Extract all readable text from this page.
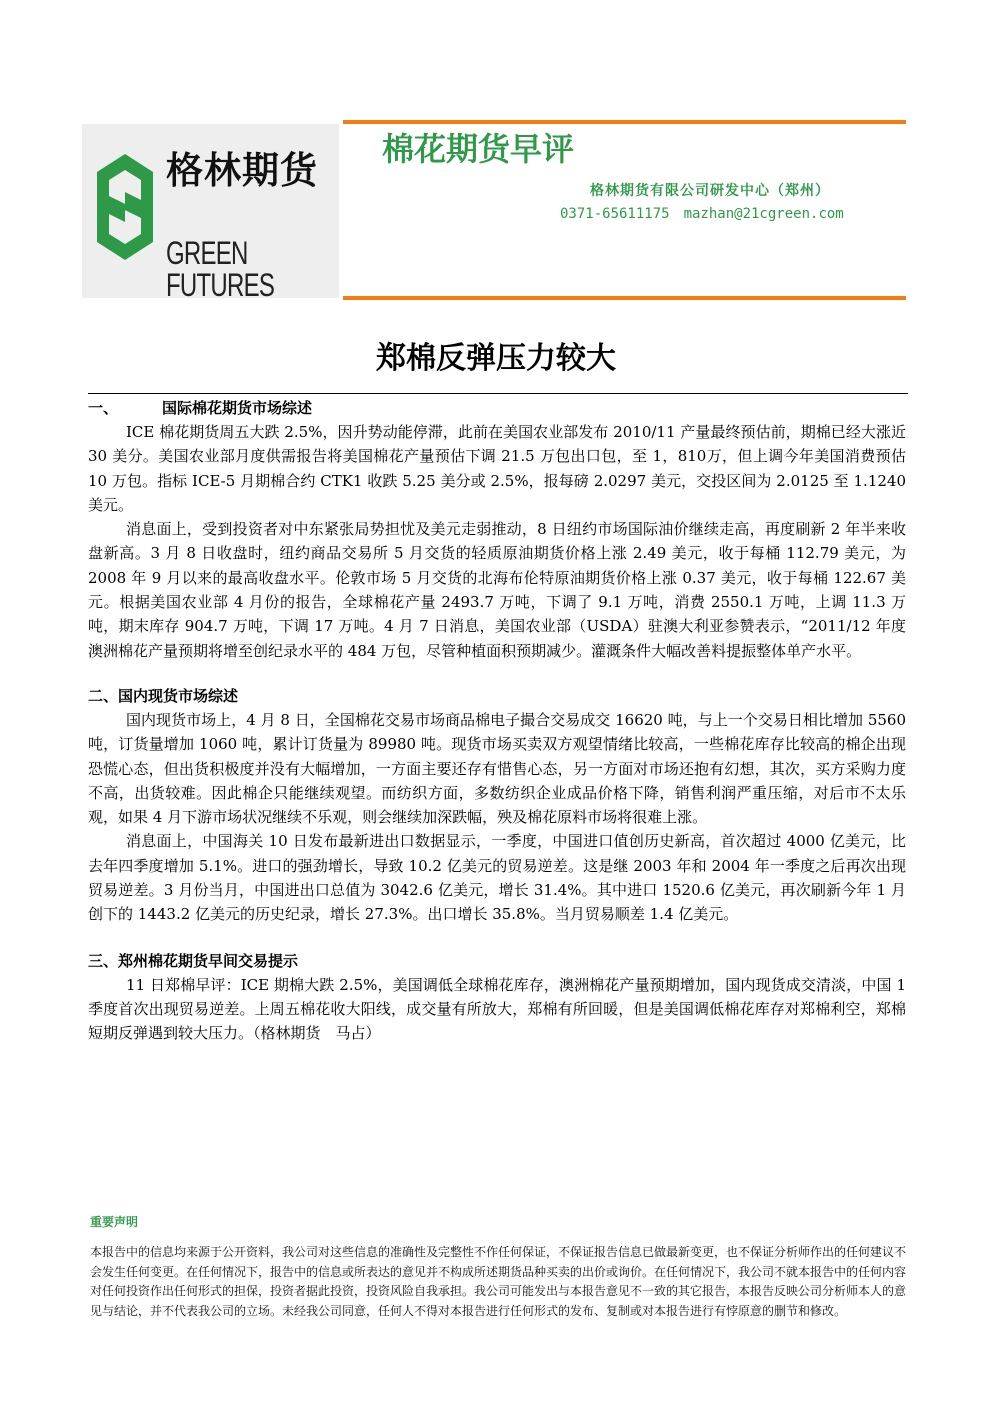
格林期货
GREEN FUTURES
棉花期货早评
格林期货有限公司研发中心（郑州）
0371-65611175 mazhan@21cgreen.com
郑棉反弹压力较大

一、	国际棉花期货市场综述

ICE 棉花期货周五大跌 2.5%，因升势动能停滞，此前在美国农业部发布 2010/11 产量最终预估前，期棉已经大涨近 30 美分。美国农业部月度供需报告将美国棉花产量预估下调 21.5 万包出口包，至 1，810万，但上调今年美国消费预估 10 万包。指标 ICE-5 月期棉合约 CTK1 收跌 5.25 美分或 2.5%，报每磅 2.0297 美元，交投区间为 2.0125 至 1.1240 美元。

消息面上，受到投资者对中东紧张局势担忧及美元走弱推动，8 日纽约市场国际油价继续走高，再度刷新 2 年半来收盘新高。3 月 8 日收盘时，纽约商品交易所 5 月交货的轻质原油期货价格上涨 2.49 美元，收于每桶 112.79 美元，为 2008 年 9 月以来的最高收盘水平。伦敦市场 5 月交货的北海布伦特原油期货价格上涨 0.37 美元，收于每桶 122.67 美元。根据美国农业部 4 月份的报告，全球棉花产量 2493.7 万吨，下调了 9.1 万吨，消费 2550.1 万吨，上调 11.3 万吨，期末库存 904.7 万吨，下调 17 万吨。4 月 7 日消息，美国农业部（USDA）驻澳大利亚参赞表示，“2011/12 年度澳洲棉花产量预期将增至创纪录水平的 484 万包，尽管种植面积预期减少。灌溉条件大幅改善料提振整体单产水平。

二、国内现货市场综述

国内现货市场上，4 月 8 日，全国棉花交易市场商品棉电子撮合交易成交 16620 吨，与上一个交易日相比增加 5560 吨，订货量增加 1060 吨，累计订货量为 89980 吨。现货市场买卖双方观望情绪比较高，一些棉花库存比较高的棉企出现恐慌心态，但出货积极度并没有大幅增加，一方面主要还存有惜售心态，另一方面对市场还抱有幻想，其次，买方采购力度不高，出货较难。因此棉企只能继续观望。而纺织方面，多数纺织企业成品价格下降，销售利润严重压缩，对后市不太乐观，如果 4 月下游市场状况继续不乐观，则会继续加深跌幅，殃及棉花原料市场将很难上涨。

消息面上，中国海关 10 日发布最新进出口数据显示，一季度，中国进口值创历史新高，首次超过 4000 亿美元，比去年四季度增加 5.1%。进口的强劲增长，导致 10.2 亿美元的贸易逆差。这是继 2003 年和 2004 年一季度之后再次出现贸易逆差。3 月份当月，中国进出口总值为 3042.6 亿美元，增长 31.4%。其中进口 1520.6 亿美元，再次刷新今年 1 月创下的 1443.2 亿美元的历史纪录，增长 27.3%。出口增长 35.8%。当月贸易顺差 1.4 亿美元。

三、郑州棉花期货早间交易提示

11 日郑棉早评：ICE 期棉大跌 2.5%，美国调低全球棉花库存，澳洲棉花产量预期增加，国内现货成交清淡，中国 1 季度首次出现贸易逆差。上周五棉花收大阳线，成交量有所放大，郑棉有所回暖，但是美国调低棉花库存对郑棉利空，郑棉短期反弹遇到较大压力。（格林期货　马占）

重要声明

本报告中的信息均来源于公开资料，我公司对这些信息的准确性及完整性不作任何保证，不保证报告信息已做最新变更，也不保证分析师作出的任何建议不会发生任何变更。在任何情况下，报告中的信息或所表达的意见并不构成所述期货品种买卖的出价或询价。在任何情况下，我公司不就本报告中的任何内容对任何投资作出任何形式的担保，投资者据此投资，投资风险自我承担。我公司可能发出与本报告意见不一致的其它报告，本报告反映公司分析师本人的意见与结论，并不代表我公司的立场。未经我公司同意，任何人不得对本报告进行任何形式的发布、复制或对本报告进行有悖原意的删节和修改。
